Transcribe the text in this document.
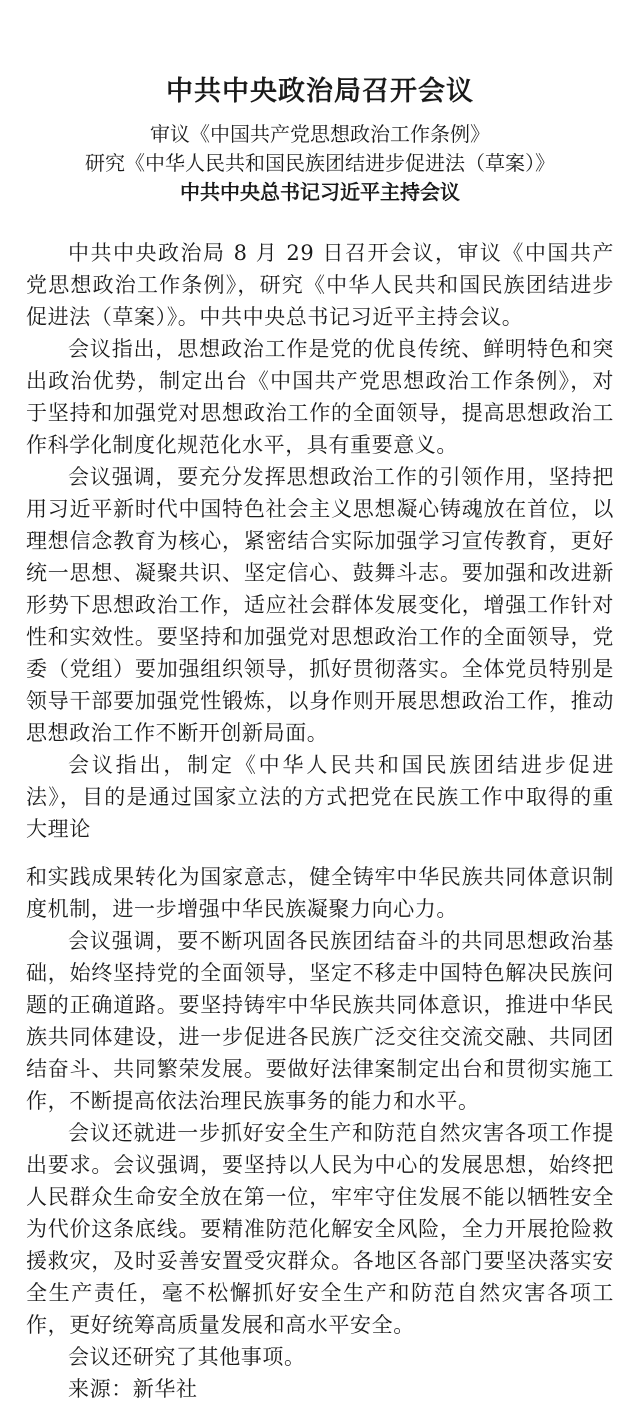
中共中央政治局召开会议
审议《中国共产党思想政治工作条例》
研究《中华人民共和国民族团结进步促进法（草案）》
中共中央总书记习近平主持会议

中共中央政治局 8 月 29 日召开会议，审议《中国共产党思想政治工作条例》，研究《中华人民共和国民族团结进步促进法（草案）》。中共中央总书记习近平主持会议。

会议指出，思想政治工作是党的优良传统、鲜明特色和突出政治优势，制定出台《中国共产党思想政治工作条例》，对于坚持和加强党对思想政治工作的全面领导，提高思想政治工作科学化制度化规范化水平，具有重要意义。

会议强调，要充分发挥思想政治工作的引领作用，坚持把用习近平新时代中国特色社会主义思想凝心铸魂放在首位，以理想信念教育为核心，紧密结合实际加强学习宣传教育，更好统一思想、凝聚共识、坚定信心、鼓舞斗志。要加强和改进新形势下思想政治工作，适应社会群体发展变化，增强工作针对性和实效性。要坚持和加强党对思想政治工作的全面领导，党委（党组）要加强组织领导，抓好贯彻落实。全体党员特别是领导干部要加强党性锻炼，以身作则开展思想政治工作，推动思想政治工作不断开创新局面。

会议指出，制定《中华人民共和国民族团结进步促进法》，目的是通过国家立法的方式把党在民族工作中取得的重大理论

和实践成果转化为国家意志，健全铸牢中华民族共同体意识制度机制，进一步增强中华民族凝聚力向心力。

会议强调，要不断巩固各民族团结奋斗的共同思想政治基础，始终坚持党的全面领导，坚定不移走中国特色解决民族问题的正确道路。要坚持铸牢中华民族共同体意识，推进中华民族共同体建设，进一步促进各民族广泛交往交流交融、共同团结奋斗、共同繁荣发展。要做好法律案制定出台和贯彻实施工作，不断提高依法治理民族事务的能力和水平。

会议还就进一步抓好安全生产和防范自然灾害各项工作提出要求。会议强调，要坚持以人民为中心的发展思想，始终把人民群众生命安全放在第一位，牢牢守住发展不能以牺牲安全为代价这条底线。要精准防范化解安全风险，全力开展抢险救援救灾，及时妥善安置受灾群众。各地区各部门要坚决落实安全生产责任，毫不松懈抓好安全生产和防范自然灾害各项工作，更好统筹高质量发展和高水平安全。

会议还研究了其他事项。

来源：新华社
